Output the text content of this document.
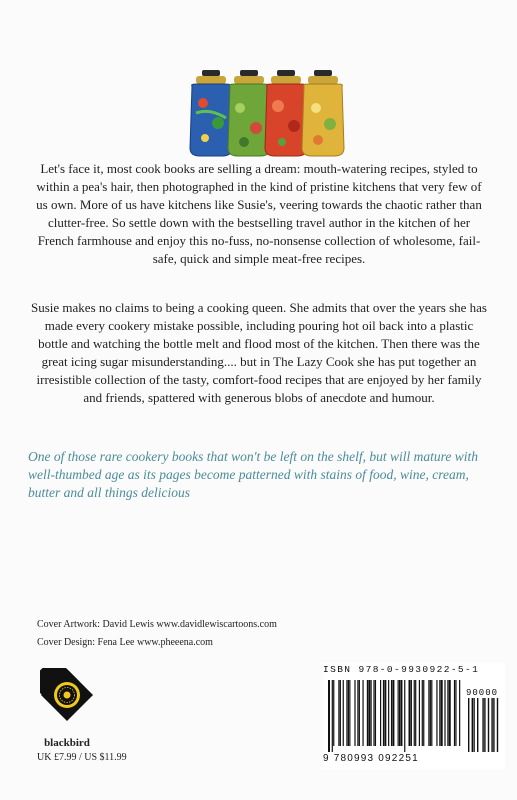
Let's face it, most cook books are selling a dream: mouth-watering recipes, styled to within a pea's hair, then photographed in the kind of pristine kitchens that very few of us own. More of us have kitchens like Susie's, veering towards the chaotic rather than clutter-free. So settle down with the bestselling travel author in the kitchen of her French farmhouse and enjoy this no-fuss, no-nonsense collection of wholesome, fail-safe, quick and simple meat-free recipes.

Susie makes no claims to being a cooking queen. She admits that over the years she has made every cookery mistake possible, including pouring hot oil back into a plastic bottle and watching the bottle melt and flood most of the kitchen. Then there was the great icing sugar misunderstanding.... but in The Lazy Cook she has put together an irresistible collection of the tasty, comfort-food recipes that are enjoyed by her family and friends, spattered with generous blobs of anecdote and humour.

One of those rare cookery books that won't be left on the shelf, but will mature with well-thumbed age as its pages become patterned with stains of food, wine, cream, butter and all things delicious

Cover Artwork: David Lewis www.davidlewiscartoons.com
Cover Design: Fena Lee www.pheeena.com
blackbird
UK £7.99 / US $11.99
ISBN 978-0-9930922-5-1
90000
9 780993 092251
